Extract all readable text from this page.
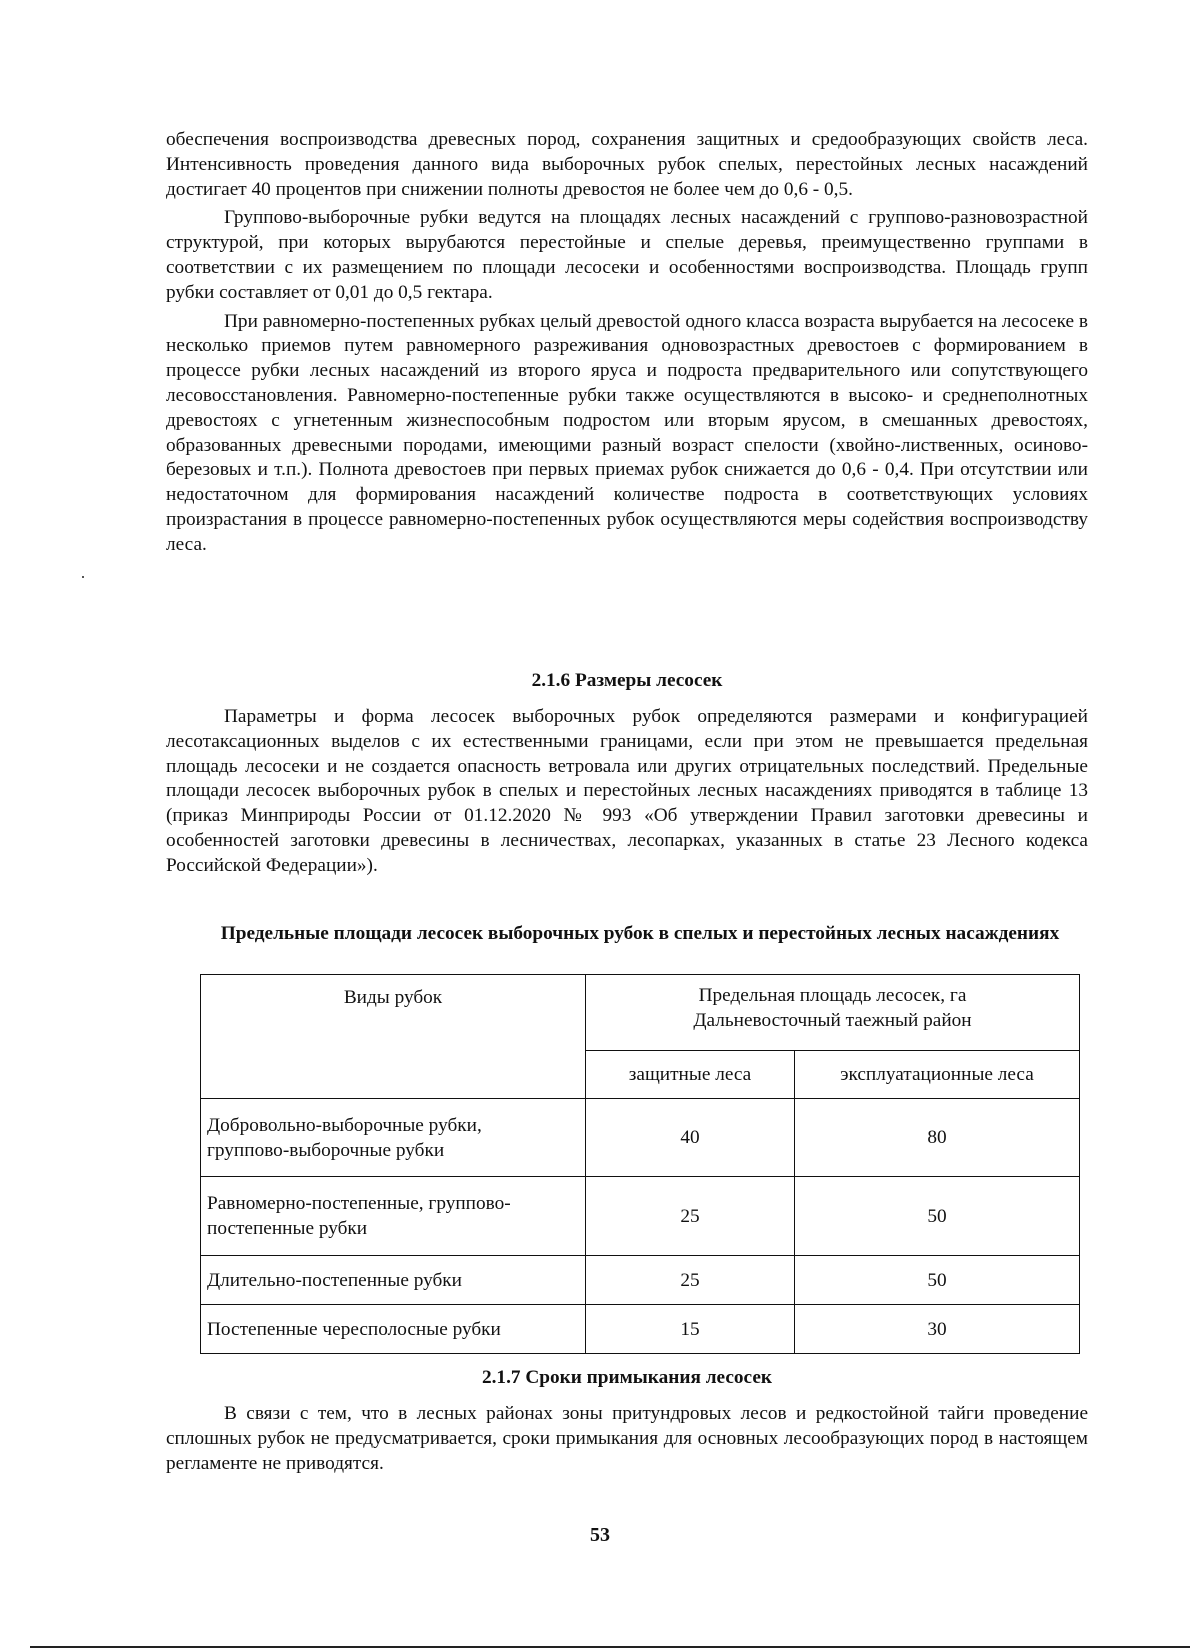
обеспечения воспроизводства древесных пород, сохранения защитных и средообразующих свойств леса. Интенсивность проведения данного вида выборочных рубок спелых, перестойных лесных насаждений достигает 40 процентов при снижении полноты древостоя не более чем до 0,6 - 0,5.

Группово-выборочные рубки ведутся на площадях лесных насаждений с группово-разновозрастной структурой, при которых вырубаются перестойные и спелые деревья, преимущественно группами в соответствии с их размещением по площади лесосеки и особенностями воспроизводства. Площадь групп рубки составляет от 0,01 до 0,5 гектара.

При равномерно-постепенных рубках целый древостой одного класса возраста вырубается на лесосеке в несколько приемов путем равномерного разреживания одновозрастных древостоев с формированием в процессе рубки лесных насаждений из второго яруса и подроста предварительного или сопутствующего лесовосстановления. Равномерно-постепенные рубки также осуществляются в высоко- и среднеполнотных древостоях с угнетенным жизнеспособным подростом или вторым ярусом, в смешанных древостоях, образованных древесными породами, имеющими разный возраст спелости (хвойно-лиственных, осиново-березовых и т.п.). Полнота древостоев при первых приемах рубок снижается до 0,6 - 0,4. При отсутствии или недостаточном для формирования насаждений количестве подроста в соответствующих условиях произрастания в процессе равномерно-постепенных рубок осуществляются меры содействия воспроизводству леса.

2.1.6 Размеры лесосек

Параметры и форма лесосек выборочных рубок определяются размерами и конфигурацией лесотаксационных выделов с их естественными границами, если при этом не превышается предельная площадь лесосеки и не создается опасность ветровала или других отрицательных последствий. Предельные площади лесосек выборочных рубок в спелых и перестойных лесных насаждениях приводятся в таблице 13 (приказ Минприроды России от 01.12.2020 № 993 «Об утверждении Правил заготовки древесины и особенностей заготовки древесины в лесничествах, лесопарках, указанных в статье 23 Лесного кодекса Российской Федерации»).

Предельные площади лесосек выборочных рубок в спелых и перестойных лесных насаждениях
Виды рубок	Предельная площадь лесосек, га
Дальневосточный таежный район	

	защитные леса	эксплуатационные леса

Добровольно-выборочные рубки,
группово-выборочные рубки	40	80

Равномерно-постепенные, группово-
постепенные рубки	25	50
Длительно-постепенные рубки	25	50
Постепенные чересполосные рубки	15	30
2.1.7 Сроки примыкания лесосек

В связи с тем, что в лесных районах зоны притундровых лесов и редкостойной тайги проведение сплошных рубок не предусматривается, сроки примыкания для основных лесообразующих пород в настоящем регламенте не приводятся.

53
